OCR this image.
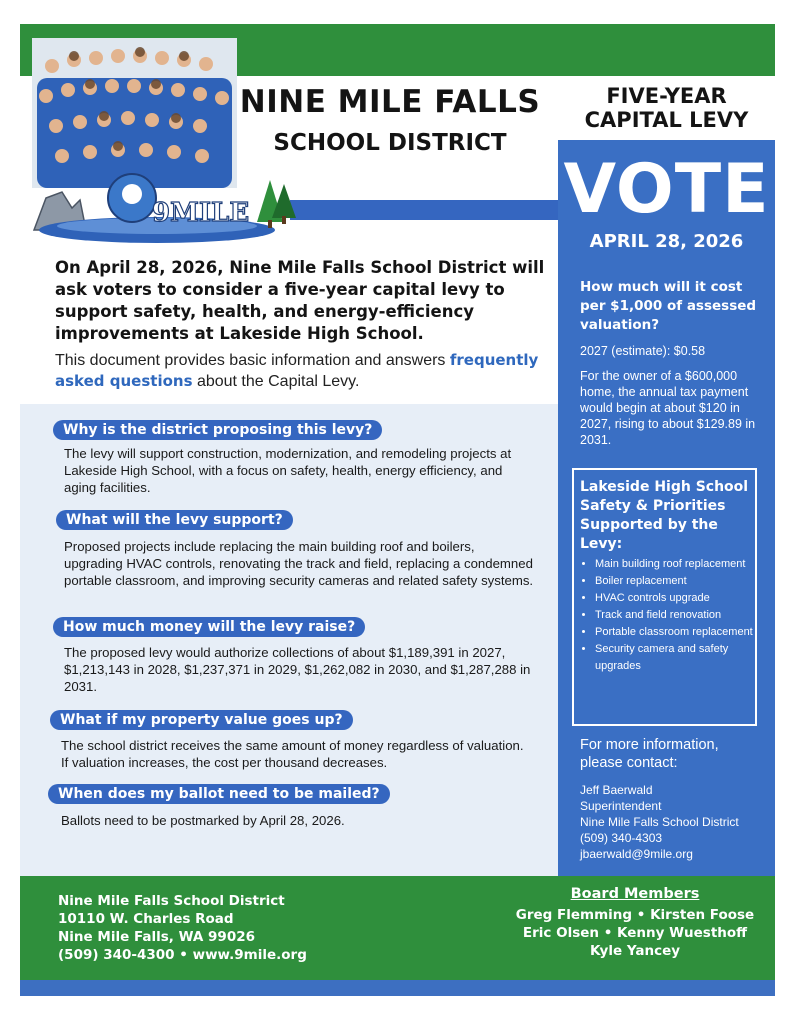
9MILE
NINE MILE FALLS
SCHOOL DISTRICT
On April 28, 2026, Nine Mile Falls School District will ask voters to consider a five-year capital levy to support safety, health, and energy-efficiency improvements at Lakeside High School.
This document provides basic information and answers frequently asked questions about the Capital Levy.
Why is the district proposing this levy?
The levy will support construction, modernization, and remodeling projects at Lakeside High School, with a focus on safety, health, energy efficiency, and aging facilities.
What will the levy support?
Proposed projects include replacing the main building roof and boilers, upgrading HVAC controls, renovating the track and field, replacing a condemned portable classroom, and improving security cameras and related safety systems.
How much money will the levy raise?
The proposed levy would authorize collections of about $1,189,391 in 2027, $1,213,143 in 2028, $1,237,371 in 2029, $1,262,082 in 2030, and $1,287,288 in 2031.
What if my property value goes up?
The school district receives the same amount of money regardless of valuation. If valuation increases, the cost per thousand decreases.
When does my ballot need to be mailed?
Ballots need to be postmarked by April 28, 2026.
FIVE-YEAR
CAPITAL LEVY
VOTE
APRIL 28, 2026
How much will it cost per $1,000 of assessed valuation?
2027 (estimate): $0.58
For the owner of a $600,000 home, the annual tax payment would begin at about $120 in 2027, rising to about $129.89 in 2031.
Lakeside High School Safety & Priorities Supported by the Levy:
• Main building roof replacement
• Boiler replacement
• HVAC controls upgrade
• Track and field renovation
• Portable classroom replacement
• Security camera and safety upgrades
For more information, please contact:
Jeff Baerwald
Superintendent
Nine Mile Falls School District
(509) 340-4303
jbaerwald@9mile.org
Nine Mile Falls School District
10110 W. Charles Road
Nine Mile Falls, WA 99026
(509) 340-4300 • www.9mile.org
Board Members
Greg Flemming • Kirsten Foose
Eric Olsen • Kenny Wuesthoff
Kyle Yancey
